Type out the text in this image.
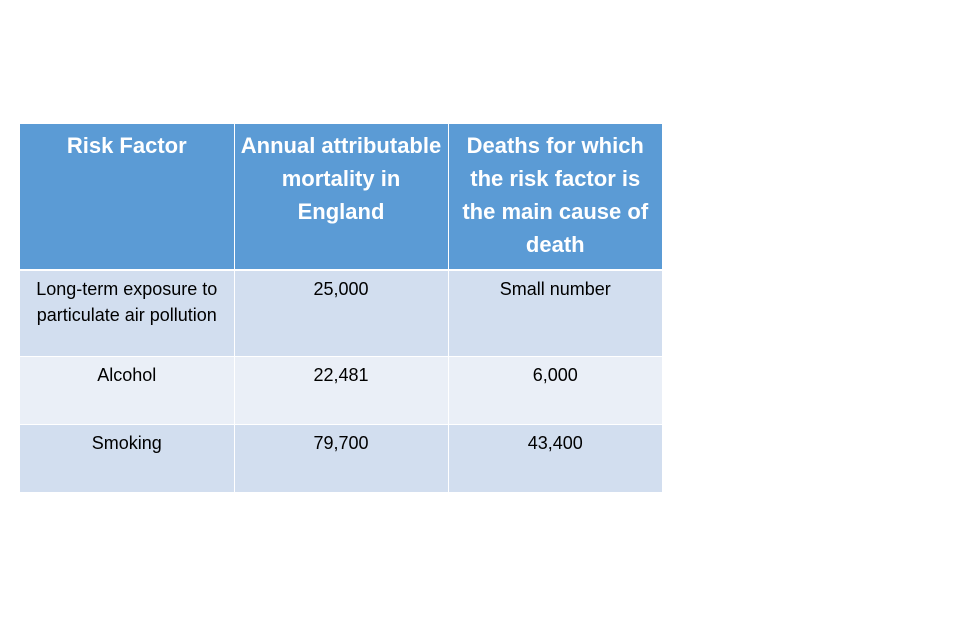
Risk Factor	Annual attributable mortality in England	Deaths for which the risk factor is the main cause of death
Long-term exposure to particulate air pollution	25,000	Small number
Alcohol	22,481	6,000
Smoking	79,700	43,400
